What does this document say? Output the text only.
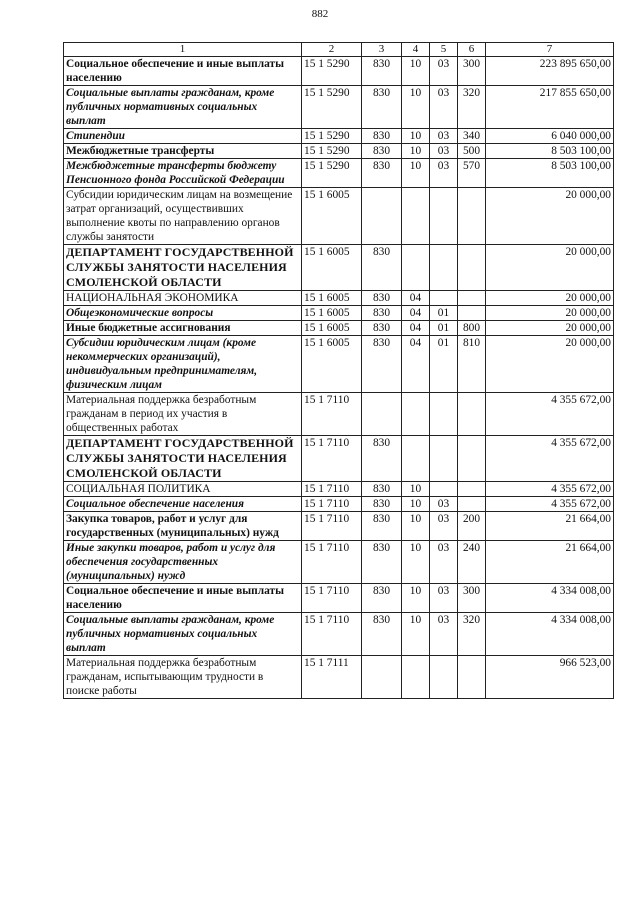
882
1	2	3	4	5	6	7
Социальное обеспечение и иные выплаты населению	15 1 5290	830	10	03	300	223 895 650,00
Социальные выплаты гражданам, кроме публичных нормативных социальных выплат	15 1 5290	830	10	03	320	217 855 650,00
Стипендии	15 1 5290	830	10	03	340	6 040 000,00
Межбюджетные трансферты	15 1 5290	830	10	03	500	8 503 100,00
Межбюджетные трансферты бюджету Пенсионного фонда Российской Федерации	15 1 5290	830	10	03	570	8 503 100,00
Субсидии юридическим лицам на возмещение затрат организаций, осуществивших выполнение квоты по направлению органов службы занятости	15 1 6005					20 000,00
ДЕПАРТАМЕНТ ГОСУДАРСТВЕННОЙ СЛУЖБЫ ЗАНЯТОСТИ НАСЕЛЕНИЯ СМОЛЕНСКОЙ ОБЛАСТИ	15 1 6005	830				20 000,00
НАЦИОНАЛЬНАЯ ЭКОНОМИКА	15 1 6005	830	04			20 000,00
Общеэкономические вопросы	15 1 6005	830	04	01		20 000,00
Иные бюджетные ассигнования	15 1 6005	830	04	01	800	20 000,00
Субсидии юридическим лицам (кроме некоммерческих организаций), индивидуальным предпринимателям, физическим лицам	15 1 6005	830	04	01	810	20 000,00
Материальная поддержка безработным гражданам в период их участия в общественных работах	15 1 7110					4 355 672,00
ДЕПАРТАМЕНТ ГОСУДАРСТВЕННОЙ СЛУЖБЫ ЗАНЯТОСТИ НАСЕЛЕНИЯ СМОЛЕНСКОЙ ОБЛАСТИ	15 1 7110	830				4 355 672,00
СОЦИАЛЬНАЯ ПОЛИТИКА	15 1 7110	830	10			4 355 672,00
Социальное обеспечение населения	15 1 7110	830	10	03		4 355 672,00
Закупка товаров, работ и услуг для государственных (муниципальных) нужд	15 1 7110	830	10	03	200	21 664,00
Иные закупки товаров, работ и услуг для обеспечения государственных (муниципальных) нужд	15 1 7110	830	10	03	240	21 664,00
Социальное обеспечение и иные выплаты населению	15 1 7110	830	10	03	300	4 334 008,00
Социальные выплаты гражданам, кроме публичных нормативных социальных выплат	15 1 7110	830	10	03	320	4 334 008,00
Материальная поддержка безработным гражданам, испытывающим трудности в поиске работы	15 1 7111					966 523,00
